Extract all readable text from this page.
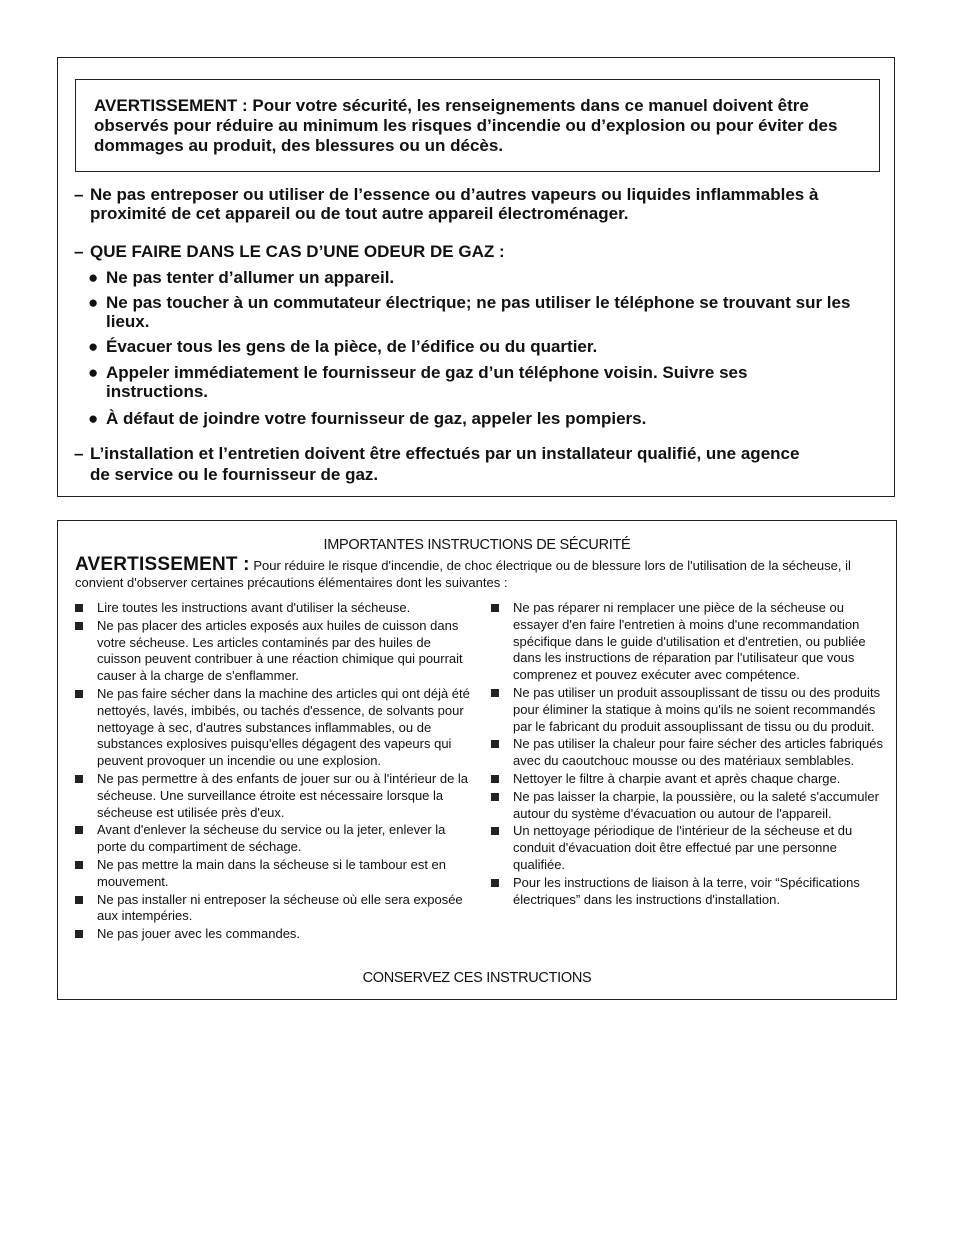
AVERTISSEMENT : Pour votre sécurité, les renseignements dans ce manuel doivent être observés pour réduire au minimum les risques d’incendie ou d’explosion ou pour éviter des dommages au produit, des blessures ou un décès.

– Ne pas entreposer ou utiliser de l’essence ou d’autres vapeurs ou liquides inflammables à proximité de cet appareil ou de tout autre appareil électroménager.
– QUE FAIRE DANS LE CAS D’UNE ODEUR DE GAZ :
● Ne pas tenter d’allumer un appareil.
● Ne pas toucher à un commutateur électrique; ne pas utiliser le téléphone se trouvant sur les lieux.
● Évacuer tous les gens de la pièce, de l’édifice ou du quartier.
● Appeler immédiatement le fournisseur de gaz d’un téléphone voisin. Suivre ses instructions.
● À défaut de joindre votre fournisseur de gaz, appeler les pompiers.
– L’installation et l’entretien doivent être effectués par un installateur qualifié, une agence de service ou le fournisseur de gaz.
IMPORTANTES INSTRUCTIONS DE SÉCURITÉ
AVERTISSEMENT : Pour réduire le risque d'incendie, de choc électrique ou de blessure lors de l'utilisation de la sécheuse, il convient d'observer certaines précautions élémentaires dont les suivantes :
Lire toutes les instructions avant d'utiliser la sécheuse.
Ne pas placer des articles exposés aux huiles de cuisson dans votre sécheuse. Les articles contaminés par des huiles de cuisson peuvent contribuer à une réaction chimique qui pourrait causer à la charge de s'enflammer.
Ne pas faire sécher dans la machine des articles qui ont déjà été nettoyés, lavés, imbibés, ou tachés d'essence, de solvants pour nettoyage à sec, d'autres substances inflammables, ou de substances explosives puisqu'elles dégagent des vapeurs qui peuvent provoquer un incendie ou une explosion.
Ne pas permettre à des enfants de jouer sur ou à l'intérieur de la sécheuse. Une surveillance étroite est nécessaire lorsque la sécheuse est utilisée près d'eux.
Avant d'enlever la sécheuse du service ou la jeter, enlever la porte du compartiment de séchage.
Ne pas mettre la main dans la sécheuse si le tambour est en mouvement.
Ne pas installer ni entreposer la sécheuse où elle sera exposée aux intempéries.
Ne pas jouer avec les commandes.
Ne pas réparer ni remplacer une pièce de la sécheuse ou essayer d'en faire l'entretien à moins d'une recommandation spécifique dans le guide d'utilisation et d'entretien, ou publiée dans les instructions de réparation par l'utilisateur que vous comprenez et pouvez exécuter avec compétence.
Ne pas utiliser un produit assouplissant de tissu ou des produits pour éliminer la statique à moins qu'ils ne soient recommandés par le fabricant du produit assouplissant de tissu ou du produit.
Ne pas utiliser la chaleur pour faire sécher des articles fabriqués avec du caoutchouc mousse ou des matériaux semblables.
Nettoyer le filtre à charpie avant et après chaque charge.
Ne pas laisser la charpie, la poussière, ou la saleté s'accumuler autour du système d'évacuation ou autour de l'appareil.
Un nettoyage périodique de l'intérieur de la sécheuse et du conduit d'évacuation doit être effectué par une personne qualifiée.
Pour les instructions de liaison à la terre, voir “Spécifications électriques” dans les instructions d'installation.
CONSERVEZ CES INSTRUCTIONS
